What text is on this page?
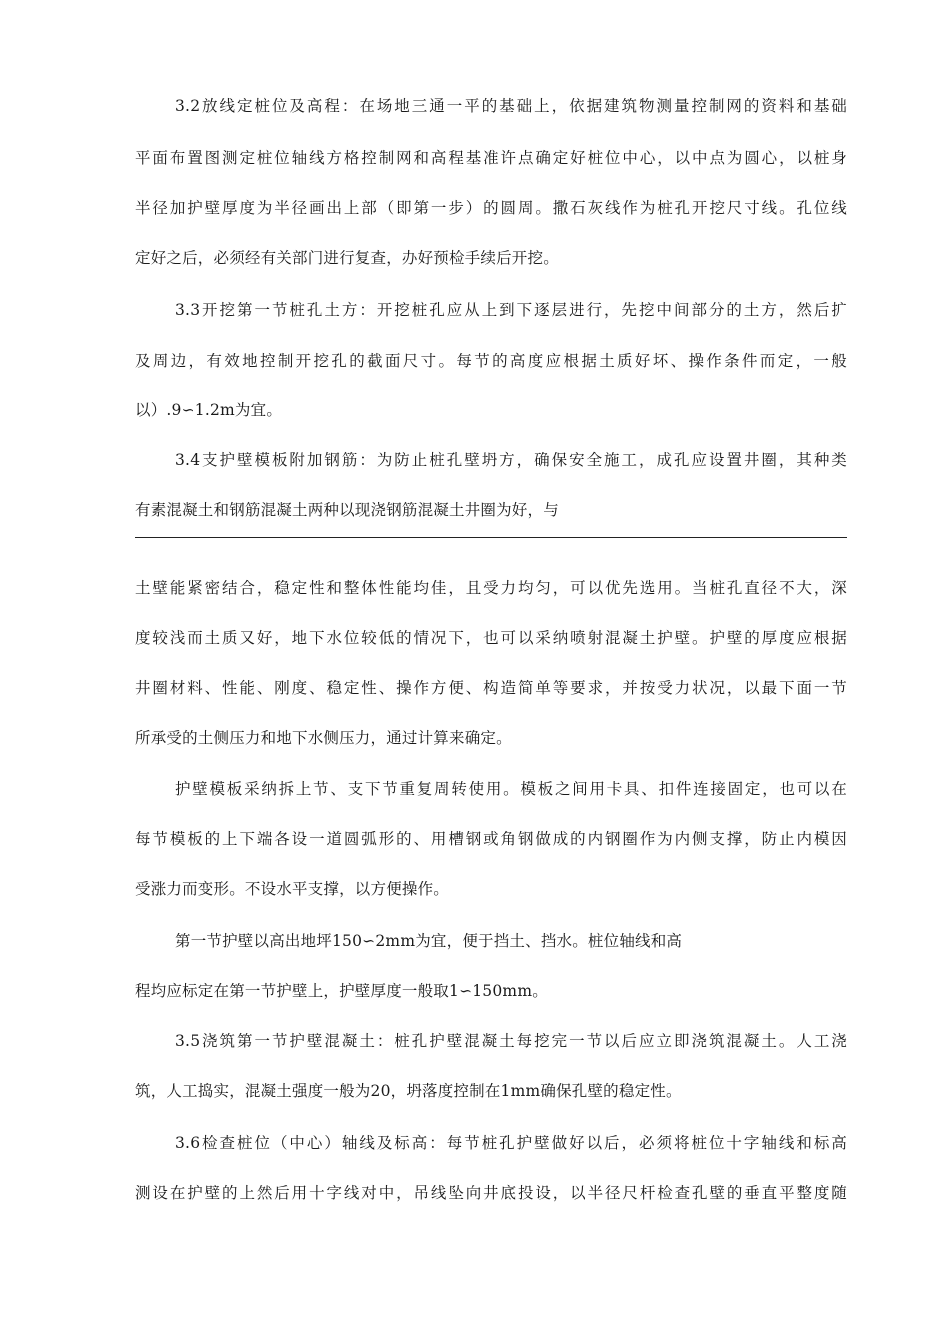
3.2放线定桩位及高程：在场地三通一平的基础上，依据建筑物测量控制网的资料和基础
平面布置图测定桩位轴线方格控制网和高程基准许点确定好桩位中心，以中点为圆心，以桩身
半径加护壁厚度为半径画出上部（即第一步）的圆周。撒石灰线作为桩孔开挖尺寸线。孔位线
定好之后，必须经有关部门进行复查，办好预检手续后开挖。
3.3开挖第一节桩孔土方：开挖桩孔应从上到下逐层进行，先挖中间部分的土方，然后扩
及周边，有效地控制开挖孔的截面尺寸。每节的高度应根据土质好坏、操作条件而定，一般
以）.9∽1.2m为宜。
3.4支护壁模板附加钢筋：为防止桩孔壁坍方，确保安全施工，成孔应设置井圈，其种类
有素混凝土和钢筋混凝土两种以现浇钢筋混凝土井圈为好，与
土壁能紧密结合，稳定性和整体性能均佳，且受力均匀，可以优先选用。当桩孔直径不大，深
度较浅而土质又好，地下水位较低的情况下，也可以采纳喷射混凝土护壁。护壁的厚度应根据
井圈材料、性能、刚度、稳定性、操作方便、构造简单等要求，并按受力状况，以最下面一节
所承受的土侧压力和地下水侧压力，通过计算来确定。
护壁模板采纳拆上节、支下节重复周转使用。模板之间用卡具、扣件连接固定，也可以在
每节模板的上下端各设一道圆弧形的、用槽钢或角钢做成的内钢圈作为内侧支撑，防止内模因
受涨力而变形。不设水平支撑，以方便操作。
第一节护壁以高出地坪150∽2mm为宜，便于挡土、挡水。桩位轴线和高
程均应标定在第一节护壁上，护壁厚度一般取1∽150mm。
3.5浇筑第一节护壁混凝土：桩孔护壁混凝土每挖完一节以后应立即浇筑混凝土。人工浇
筑，人工捣实，混凝土强度一般为20，坍落度控制在1mm确保孔壁的稳定性。
3.6检查桩位（中心）轴线及标高：每节桩孔护壁做好以后，必须将桩位十字轴线和标高
测设在护壁的上然后用十字线对中，吊线坠向井底投设，以半径尺杆检查孔壁的垂直平整度随
